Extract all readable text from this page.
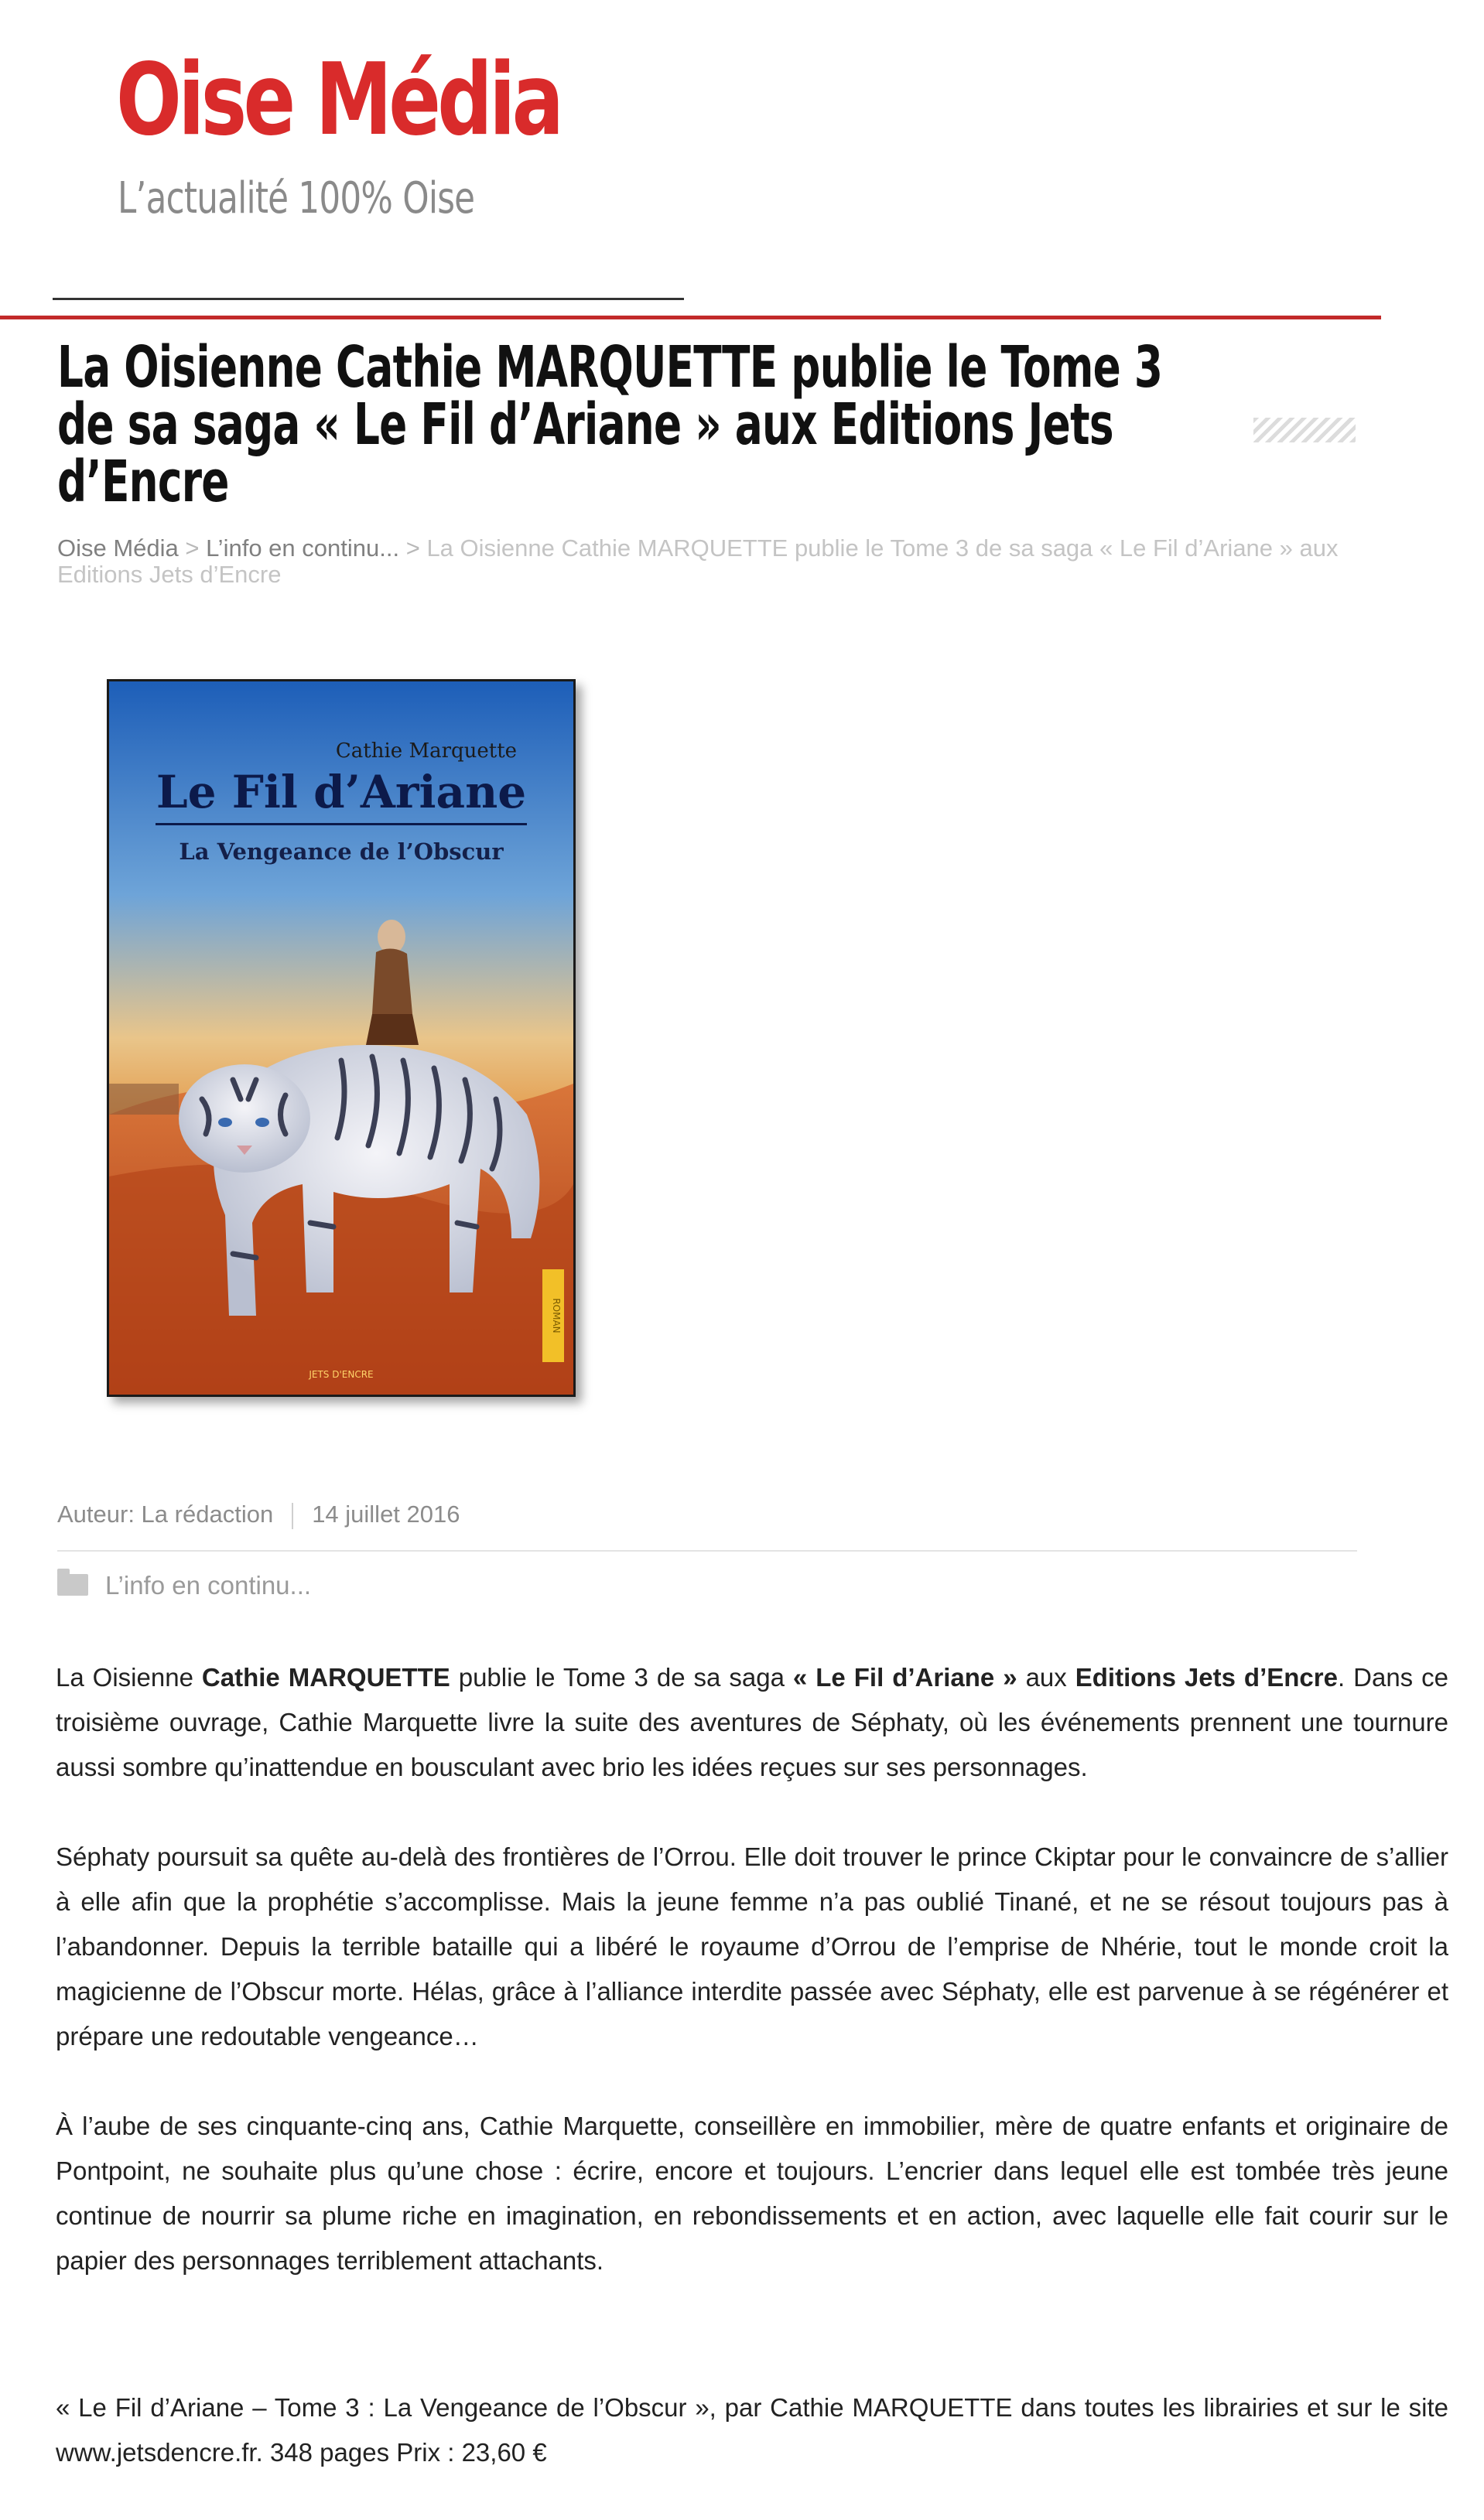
Oise Média
L’actualité 100% Oise
La Oisienne Cathie MARQUETTE publie le Tome 3
de sa saga « Le Fil d’Ariane » aux Editions Jets
d’Encre
Oise Média > L’info en continu... > La Oisienne Cathie MARQUETTE publie le Tome 3 de sa saga « Le Fil d’Ariane » aux Editions Jets d’Encre
ROMAN
Cathie Marquette
Le Fil d’Ariane
La Vengeance de l’Obscur
JETS D'ENCRE
Auteur: La rédaction 14 juillet 2016
L’info en continu...

La Oisienne Cathie MARQUETTE publie le Tome 3 de sa saga « Le Fil d’Ariane » aux Editions Jets d’Encre. Dans ce troisième ouvrage, Cathie Marquette livre la suite des aventures de Séphaty, où les événements prennent une tournure aussi sombre qu’inattendue en bousculant avec brio les idées reçues sur ses personnages.

Séphaty poursuit sa quête au-delà des frontières de l’Orrou. Elle doit trouver le prince Ckiptar pour le convaincre de s’allier à elle afin que la prophétie s’accomplisse. Mais la jeune femme n’a pas oublié Tinané, et ne se résout toujours pas à l’abandonner. Depuis la terrible bataille qui a libéré le royaume d’Orrou de l’emprise de Nhérie, tout le monde croit la magicienne de l’Obscur morte. Hélas, grâce à l’alliance interdite passée avec Séphaty, elle est parvenue à se régénérer et prépare une redoutable vengeance…

À l’aube de ses cinquante-cinq ans, Cathie Marquette, conseillère en immobilier, mère de quatre enfants et originaire de Pontpoint, ne souhaite plus qu’une chose : écrire, encore et toujours. L’encrier dans lequel elle est tombée très jeune continue de nourrir sa plume riche en imagination, en rebondissements et en action, avec laquelle elle fait courir sur le papier des personnages terriblement attachants.

« Le Fil d’Ariane – Tome 3 : La Vengeance de l’Obscur », par Cathie MARQUETTE dans toutes les librairies et sur le site www.jetsdencre.fr. 348 pages Prix : 23,60 €
